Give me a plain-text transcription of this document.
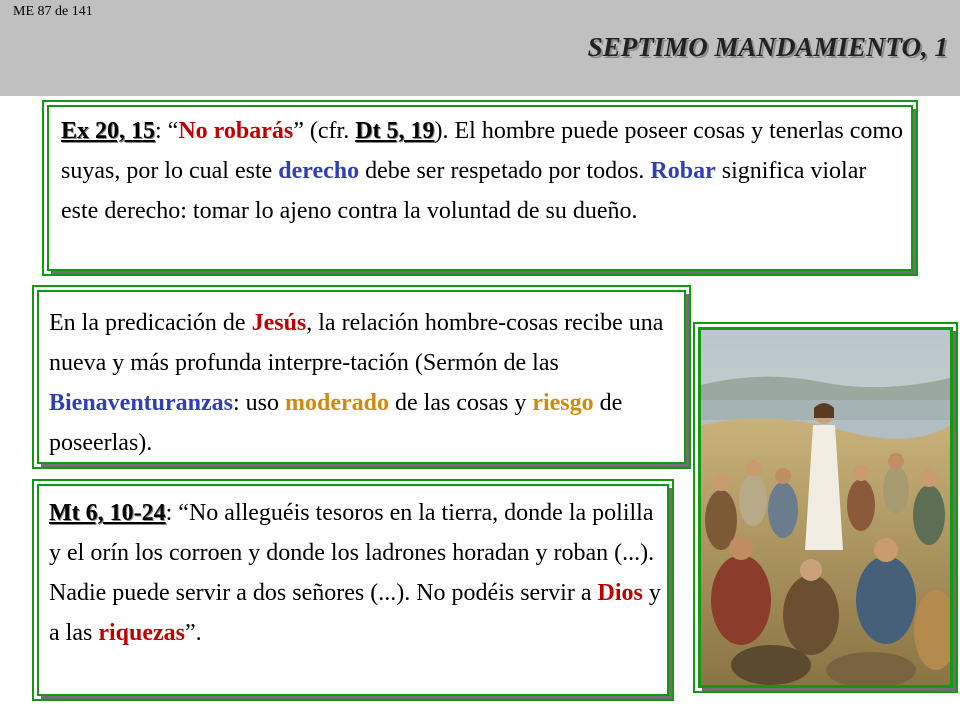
ME 87 de 141
SEPTIMO MANDAMIENTO, 1
Ex 20, 15: “No robarás” (cfr. Dt 5, 19). El hombre puede poseer cosas y tenerlas como suyas, por lo cual este derecho debe ser respetado por todos. Robar significa violar este derecho: tomar lo ajeno contra la voluntad de su dueño.
En la predicación de Jesús, la relación hombre-cosas recibe una nueva y más profunda interpre-tación (Sermón de las Bienaventuranzas: uso moderado de las cosas y riesgo de poseerlas).
Mt 6, 10-24: “No alleguéis tesoros en la tierra, donde la polilla y el orín los corroen y donde los ladrones horadan y roban (...). Nadie puede servir a dos señores (...). No podéis servir a Dios y a las riquezas”.
